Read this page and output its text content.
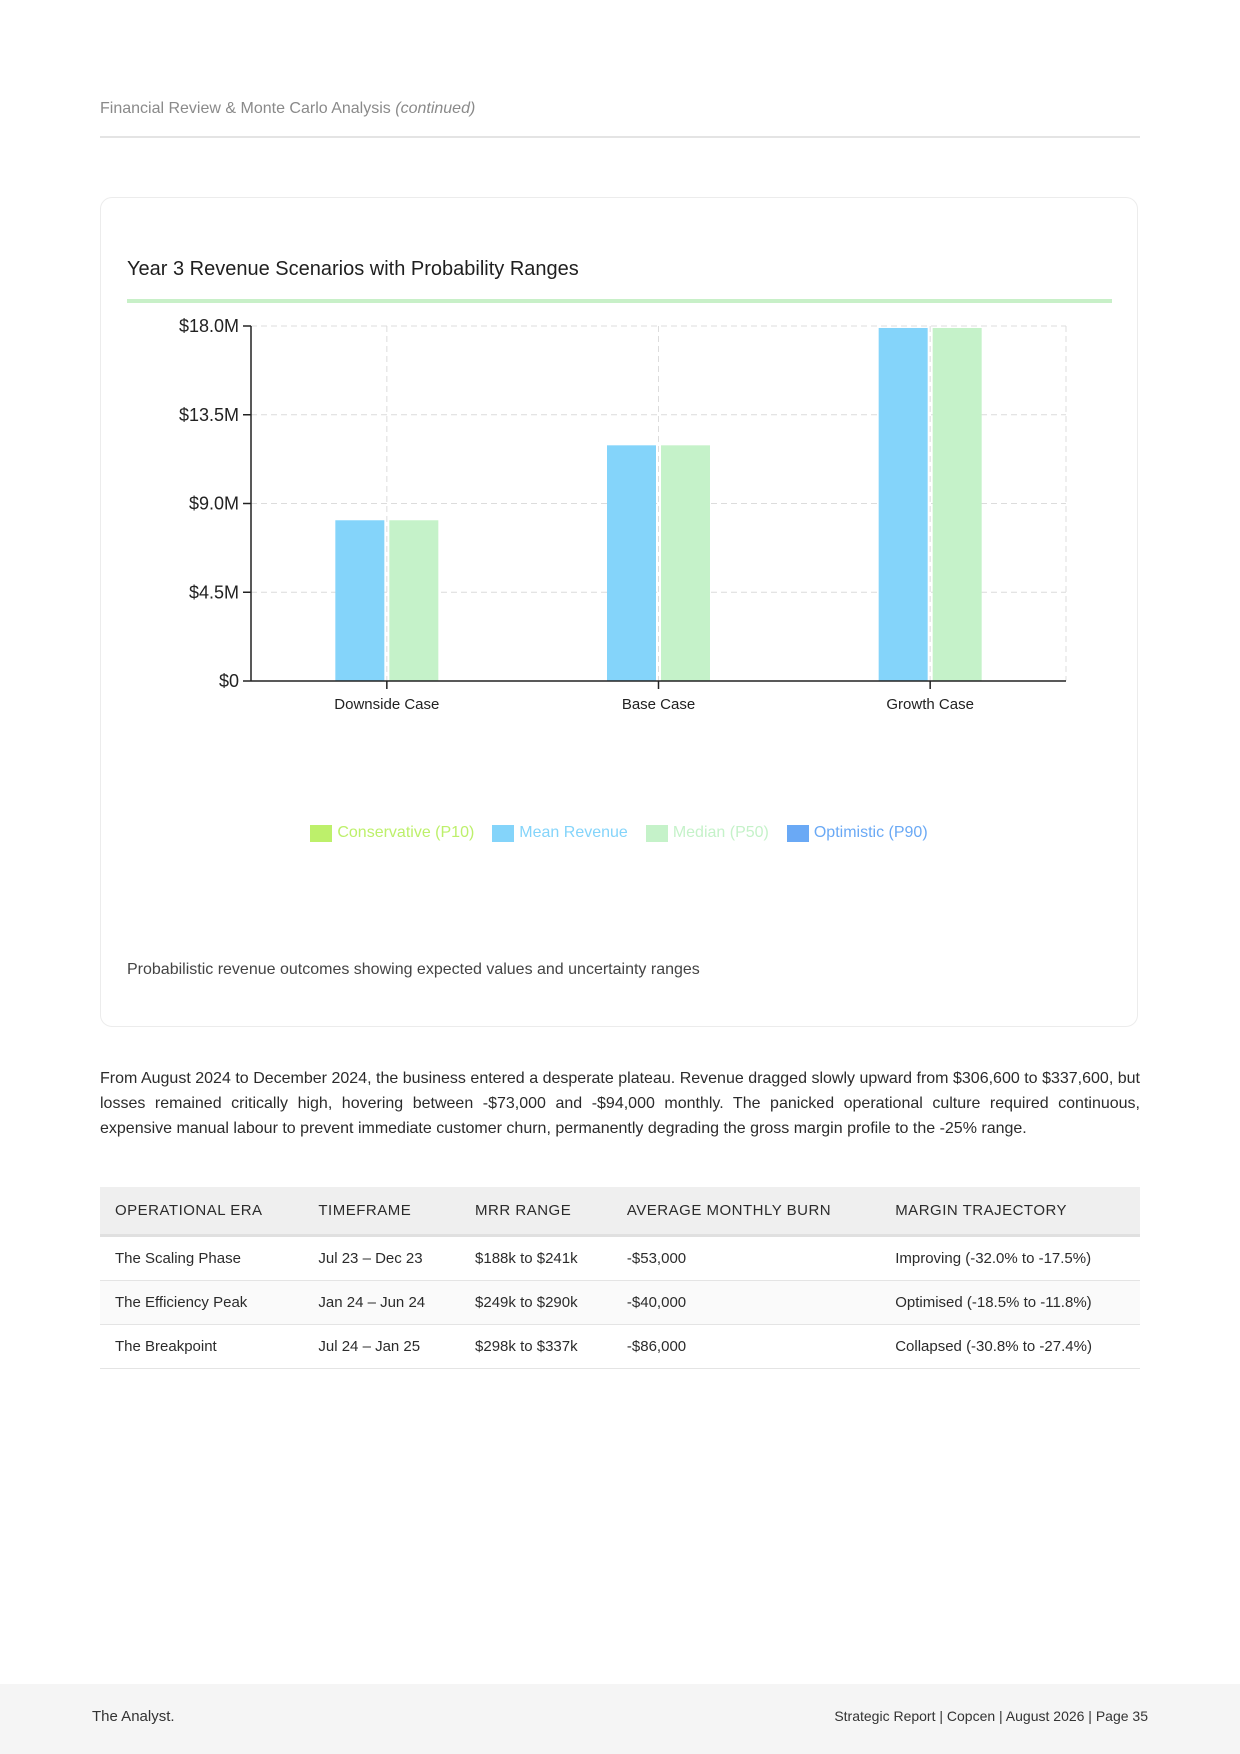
Financial Review & Monte Carlo Analysis (continued)
Year 3 Revenue Scenarios with Probability Ranges
$0
$4.5M
$9.0M
$13.5M
$18.0M
Downside Case	Base Case	Growth Case
Conservative (P10)	Mean Revenue	Median (P50)	Optimistic (P90)
Probabilistic revenue outcomes showing expected values and uncertainty ranges

From August 2024 to December 2024, the business entered a desperate plateau. Revenue dragged slowly upward from $306,600 to $337,600, but losses remained critically high, hovering between -$73,000 and -$94,000 monthly. The panicked operational culture required continuous, expensive manual labour to prevent immediate customer churn, permanently degrading the gross margin profile to the -25% range.

OPERATIONAL ERA	TIMEFRAME	MRR RANGE	AVERAGE MONTHLY BURN	MARGIN TRAJECTORY
The Scaling Phase	Jul 23 – Dec 23	$188k to $241k	-$53,000	Improving (-32.0% to -17.5%)
The Efficiency Peak	Jan 24 – Jun 24	$249k to $290k	-$40,000	Optimised (-18.5% to -11.8%)
The Breakpoint	Jul 24 – Jan 25	$298k to $337k	-$86,000	Collapsed (-30.8% to -27.4%)
The Analyst.	Strategic Report | Copcen | August 2026 | Page 35
